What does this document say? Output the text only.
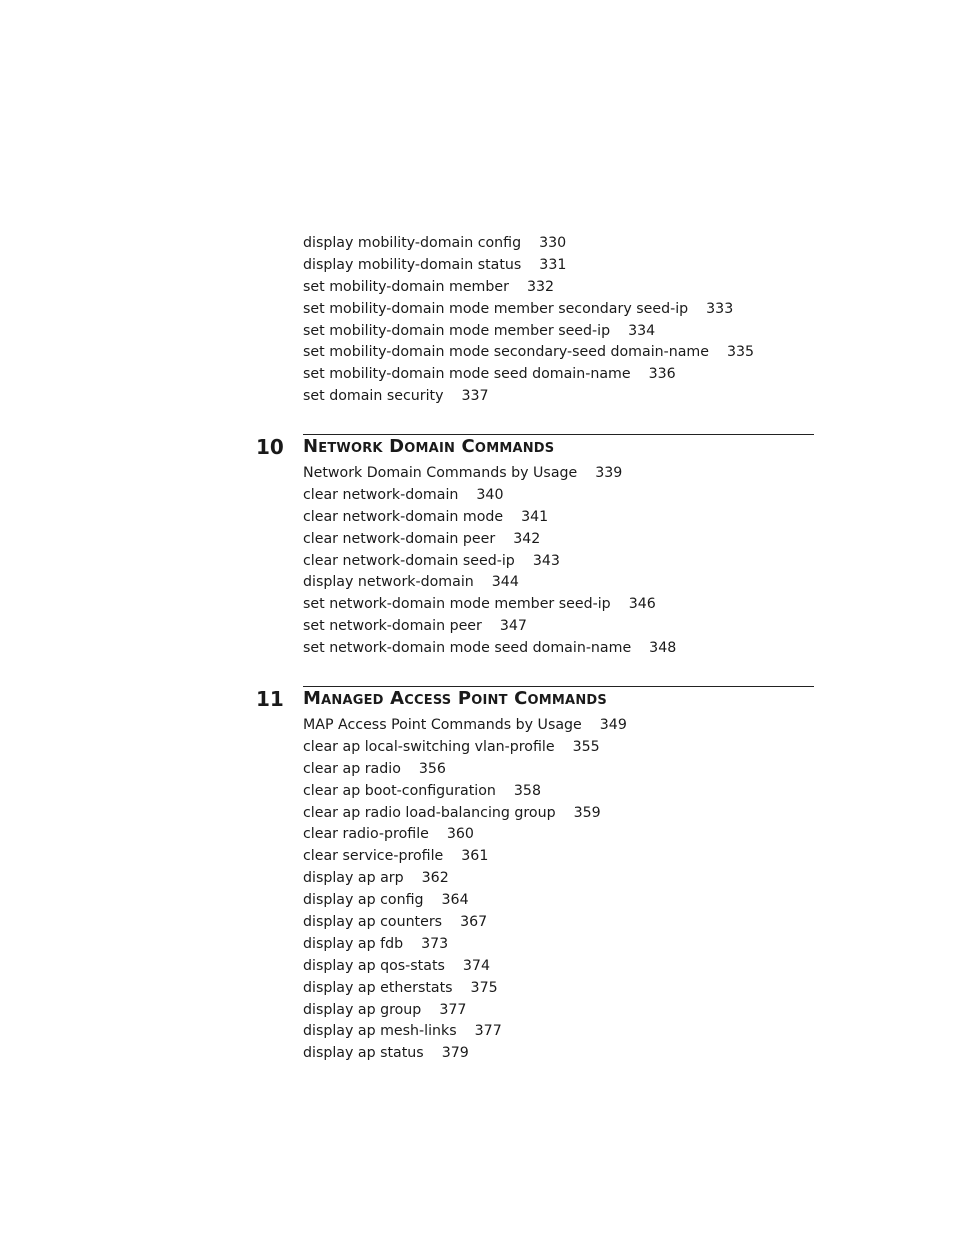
display mobility-domain config 330
display mobility-domain status 331
set mobility-domain member 332
set mobility-domain mode member secondary seed-ip 333
set mobility-domain mode member seed-ip 334
set mobility-domain mode secondary-seed domain-name 335
set mobility-domain mode seed domain-name 336
set domain security 337
10 Network Domain Commands
Network Domain Commands by Usage 339
clear network-domain 340
clear network-domain mode 341
clear network-domain peer 342
clear network-domain seed-ip 343
display network-domain 344
set network-domain mode member seed-ip 346
set network-domain peer 347
set network-domain mode seed domain-name 348
11 Managed Access Point Commands
MAP Access Point Commands by Usage 349
clear ap local-switching vlan-profile 355
clear ap radio 356
clear ap boot-configuration 358
clear ap radio load-balancing group 359
clear radio-profile 360
clear service-profile 361
display ap arp 362
display ap config 364
display ap counters 367
display ap fdb 373
display ap qos-stats 374
display ap etherstats 375
display ap group 377
display ap mesh-links 377
display ap status 379
